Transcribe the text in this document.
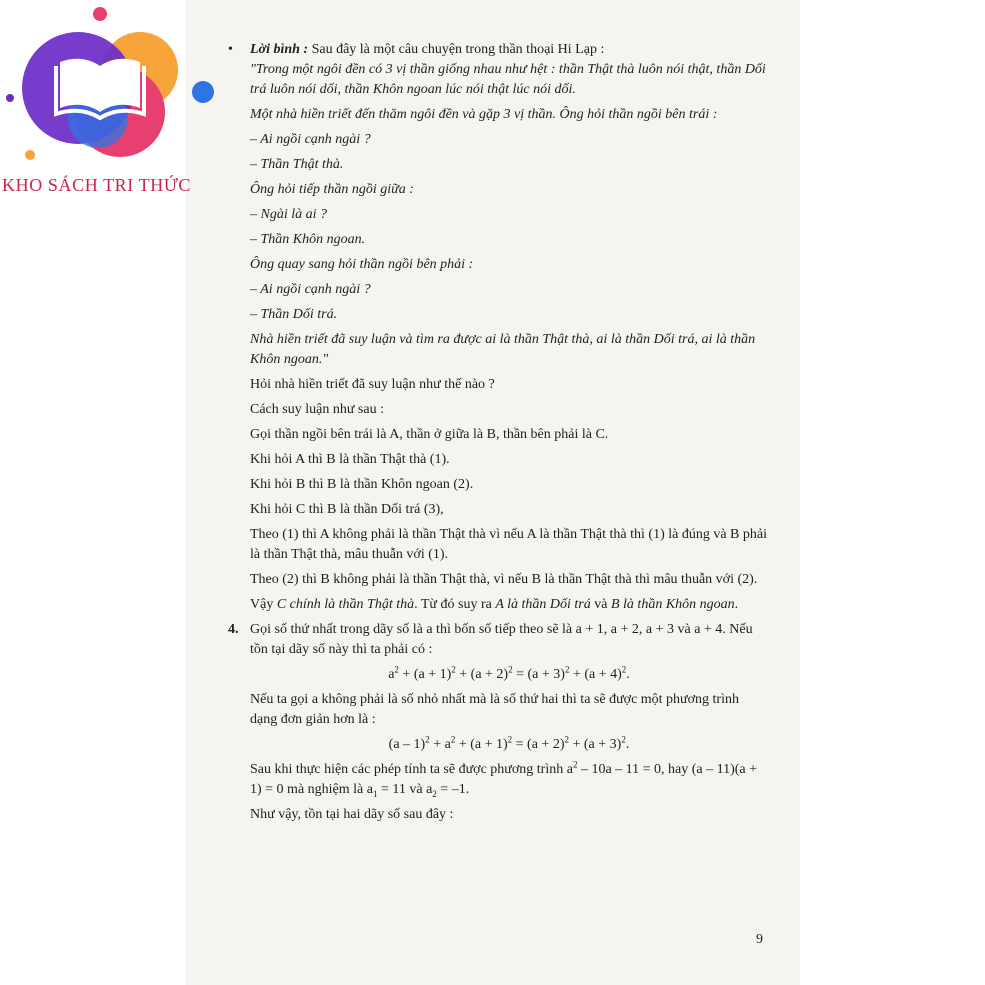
KHO SÁCH TRI THỨC

• Lời bình : Sau đây là một câu chuyện trong thần thoại Hi Lạp :

"Trong một ngôi đền có 3 vị thần giống nhau như hệt : thần Thật thà luôn nói thật, thần Dối trá luôn nói dối, thần Khôn ngoan lúc nói thật lúc nói dối.

Một nhà hiền triết đến thăm ngôi đền và gặp 3 vị thần. Ông hỏi thần ngồi bên trái :

– Ai ngồi cạnh ngài ?

– Thần Thật thà.

Ông hỏi tiếp thần ngồi giữa :

– Ngài là ai ?

– Thần Khôn ngoan.

Ông quay sang hỏi thần ngồi bên phải :

– Ai ngồi cạnh ngài ?

– Thần Dối trá.

Nhà hiền triết đã suy luận và tìm ra được ai là thần Thật thà, ai là thần Dối trá, ai là thần Khôn ngoan."

Hỏi nhà hiền triết đã suy luận như thế nào ?

Cách suy luận như sau :

Gọi thần ngồi bên trái là A, thần ở giữa là B, thần bên phải là C.

Khi hỏi A thì B là thần Thật thà (1).

Khi hỏi B thì B là thần Khôn ngoan (2).

Khi hỏi C thì B là thần Dối trá (3),

Theo (1) thì A không phải là thần Thật thà vì nếu A là thần Thật thà thì (1) là đúng và B phải là thần Thật thà, mâu thuẫn với (1).

Theo (2) thì B không phải là thần Thật thà, vì nếu B là thần Thật thà thì mâu thuẫn với (2).

Vậy C chính là thần Thật thà. Từ đó suy ra A là thần Dối trá và B là thần Khôn ngoan.

4. Gọi số thứ nhất trong dãy số là a thì bốn số tiếp theo sẽ là a + 1, a + 2, a + 3 và a + 4. Nếu tồn tại dãy số này thì ta phải có :

$a^2 + (a + 1)^2 + (a + 2)^2 = (a + 3)^2 + (a + 4)^2$.

Nếu ta gọi a không phải là số nhỏ nhất mà là số thứ hai thì ta sẽ được một phương trình dạng đơn giản hơn là :

$(a - 1)^2 + a^2 + (a + 1)^2 = (a + 2)^2 + (a + 3)^2$.

Sau khi thực hiện các phép tính ta sẽ được phương trình $a^2 - 10a - 11 = 0$, hay (a – 11)(a + 1) = 0 mà nghiệm là $a_1 = 11$ và $a_2 = -1$.

Như vậy, tồn tại hai dãy số sau đây :

9
